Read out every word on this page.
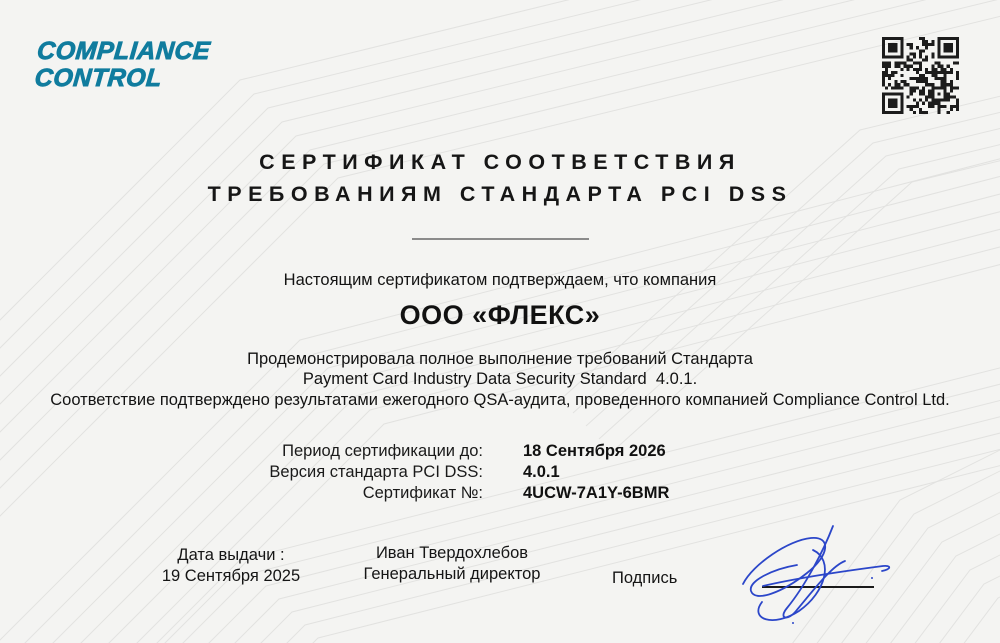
COMPLIANCE
CONTROL
СЕРТИФИКАТ СООТВЕТСТВИЯ
ТРЕБОВАНИЯМ СТАНДАРТА PCI DSS
Настоящим сертификатом подтверждаем, что компания
ООО «ФЛЕКС»
Продемонстрировала полное выполнение требований Стандарта
Payment Card Industry Data Security Standard  4.0.1.
Соответствие подтверждено результатами ежегодного QSA-аудита, проведенного компанией Compliance Control Ltd.
Период сертификации до: 18 Сентября 2026
Версия стандарта PCI DSS: 4.0.1
Сертификат №: 4UCW-7A1Y-6BMR
Дата выдачи :
19 Сентября 2025
Иван Твердохлебов
Генеральный директор	Подпись
